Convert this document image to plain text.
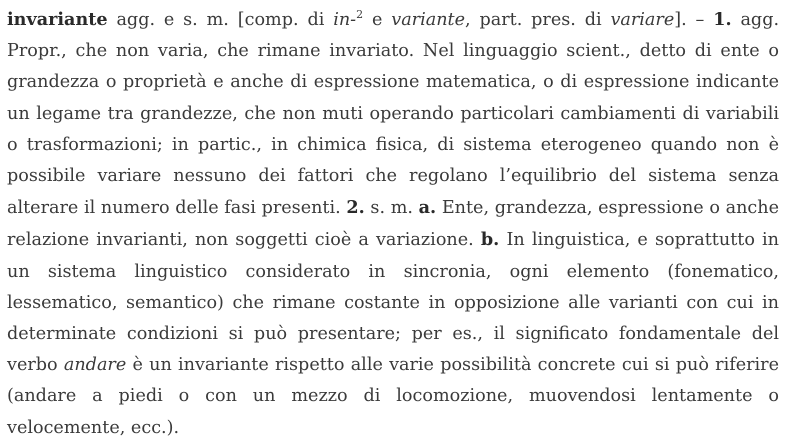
invariante agg. e s. m. [comp. di in-$^2$ e variante, part. pres. di variare]. – 1. agg. Propr., che non varia, che rimane invariato. Nel linguaggio scient., detto di ente o grandezza o proprietà e anche di espressione matematica, o di espressione indicante un legame tra grandezze, che non muti operando particolari cambiamenti di variabili o trasformazioni; in partic., in chimica fisica, di sistema eterogeneo quando non è possibile variare nessuno dei fattori che regolano l’equilibrio del sistema senza alterare il numero delle fasi presenti. 2. s. m. a. Ente, grandezza, espressione o anche relazione invarianti, non soggetti cioè a variazione. b. In linguistica, e soprattutto in un sistema linguistico considerato in sincronia, ogni elemento (fonematico, lessematico, semantico) che rimane costante in opposizione alle varianti con cui in determinate condizioni si può presentare; per es., il significato fondamentale del verbo andare è un invariante rispetto alle varie possibilità concrete cui si può riferire (andare a piedi o con un mezzo di locomozione, muovendosi lentamente o velocemente, ecc.).
